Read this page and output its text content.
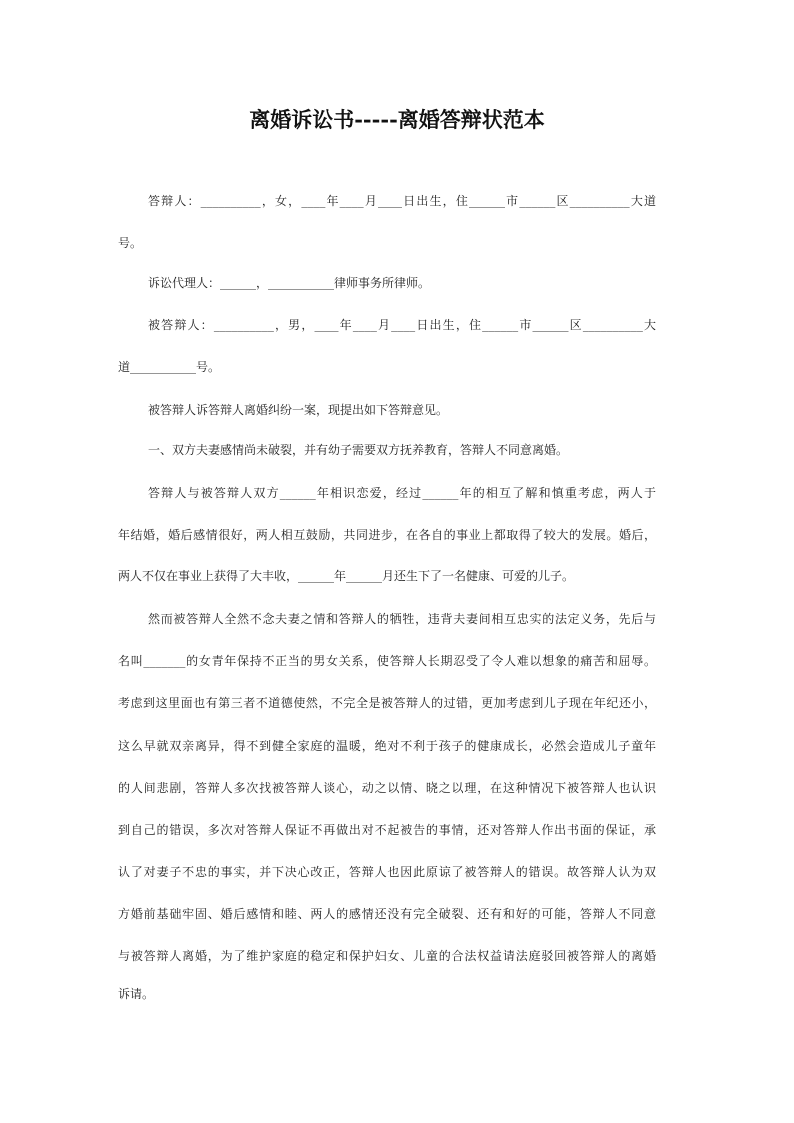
离婚诉讼书-----离婚答辩状范本
答辩人：__________，女，____年____月____日出生，住______市______区__________大道
号。
诉讼代理人：______，___________律师事务所律师。
被答辩人：__________，男，____年____月____日出生，住______市______区__________大
道___________号。
被答辩人诉答辩人离婚纠纷一案，现提出如下答辩意见。
一、双方夫妻感情尚未破裂，并有幼子需要双方抚养教育，答辩人不同意离婚。
答辩人与被答辩人双方______年相识恋爱，经过______年的相互了解和慎重考虑，两人于
年结婚，婚后感情很好，两人相互鼓励，共同进步，在各自的事业上都取得了较大的发展。婚后，
两人不仅在事业上获得了大丰收，______年______月还生下了一名健康、可爱的儿子。
然而被答辩人全然不念夫妻之情和答辩人的牺牲，违背夫妻间相互忠实的法定义务，先后与
名叫_______的女青年保持不正当的男女关系，使答辩人长期忍受了令人难以想象的痛苦和屈辱。
考虑到这里面也有第三者不道德使然，不完全是被答辩人的过错，更加考虑到儿子现在年纪还小，
这么早就双亲离异，得不到健全家庭的温暖，绝对不利于孩子的健康成长，必然会造成儿子童年
的人间悲剧，答辩人多次找被答辩人谈心，动之以情、晓之以理，在这种情况下被答辩人也认识
到自己的错误，多次对答辩人保证不再做出对不起被告的事情，还对答辩人作出书面的保证，承
认了对妻子不忠的事实，并下决心改正，答辩人也因此原谅了被答辩人的错误。故答辩人认为双
方婚前基础牢固、婚后感情和睦、两人的感情还没有完全破裂、还有和好的可能，答辩人不同意
与被答辩人离婚，为了维护家庭的稳定和保护妇女、儿童的合法权益请法庭驳回被答辩人的离婚
诉请。
